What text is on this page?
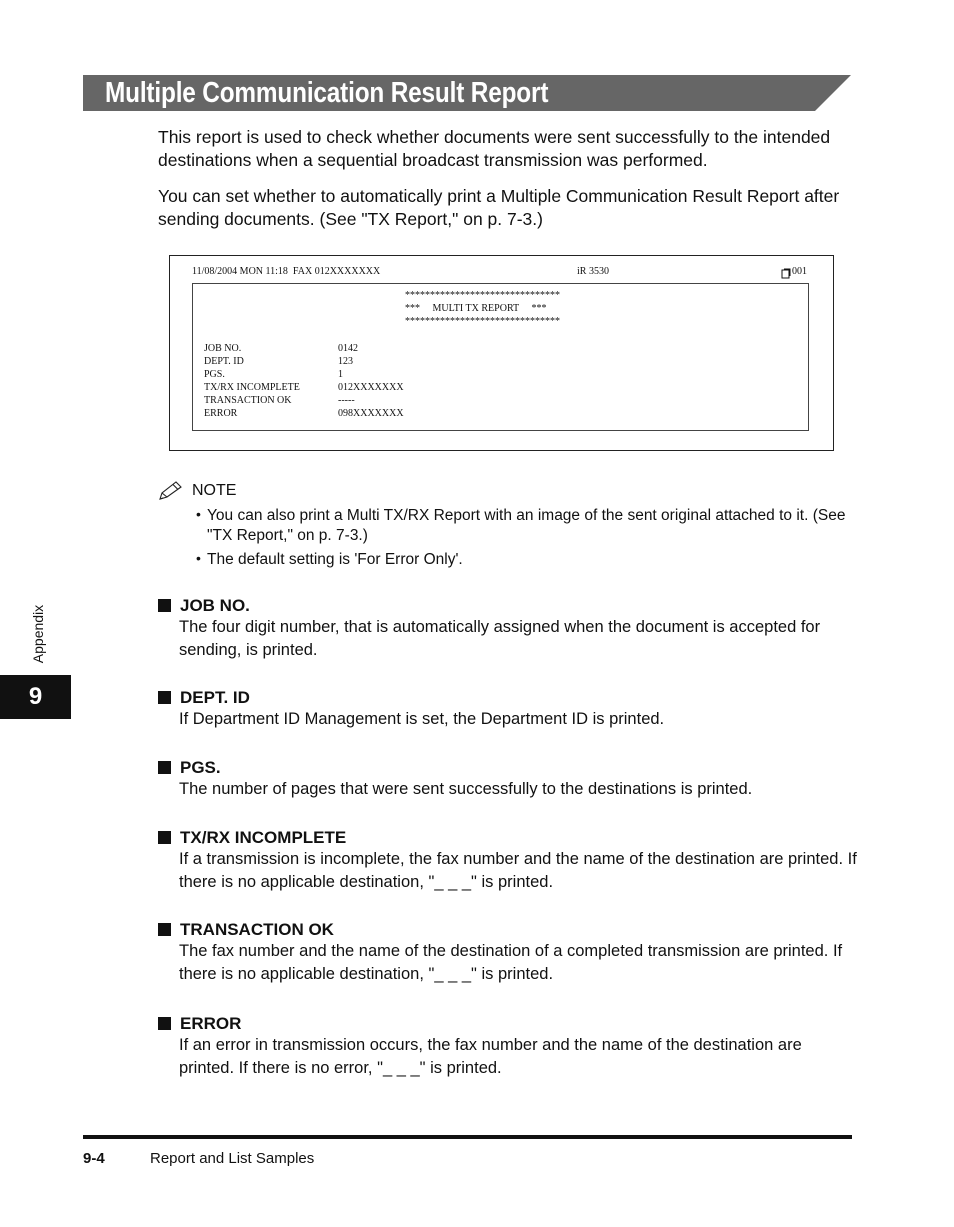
Multiple Communication Result Report

This report is used to check whether documents were sent successfully to the intended destinations when a sequential broadcast transmission was performed.

You can set whether to automatically print a Multiple Communication Result Report after sending documents. (See "TX Report," on p. 7-3.)

11/08/2004 MON 11:18  FAX 012XXXXXXX	iR 3530	001
*******************************
***     MULTI TX REPORT     ***
*******************************
JOB NO.	0142
DEPT. ID	123
PGS.	1
TX/RX INCOMPLETE	012XXXXXXX
TRANSACTION OK	-----
ERROR	098XXXXXXX
NOTE
• You can also print a Multi TX/RX Report with an image of the sent original attached to it. (See "TX Report," on p. 7-3.)

• The default setting is 'For Error Only'.

JOB NO.

The four digit number, that is automatically assigned when the document is accepted for sending, is printed.

DEPT. ID

If Department ID Management is set, the Department ID is printed.

PGS.

The number of pages that were sent successfully to the destinations is printed.

TX/RX INCOMPLETE

If a transmission is incomplete, the fax number and the name of the destination are printed. If there is no applicable destination, "_ _ _" is printed.

TRANSACTION OK

The fax number and the name of the destination of a completed transmission are printed. If there is no applicable destination, "_ _ _" is printed.

ERROR

If an error in transmission occurs, the fax number and the name of the destination are printed. If there is no error, "_ _ _" is printed.

Appendix
9
9-4	Report and List Samples
